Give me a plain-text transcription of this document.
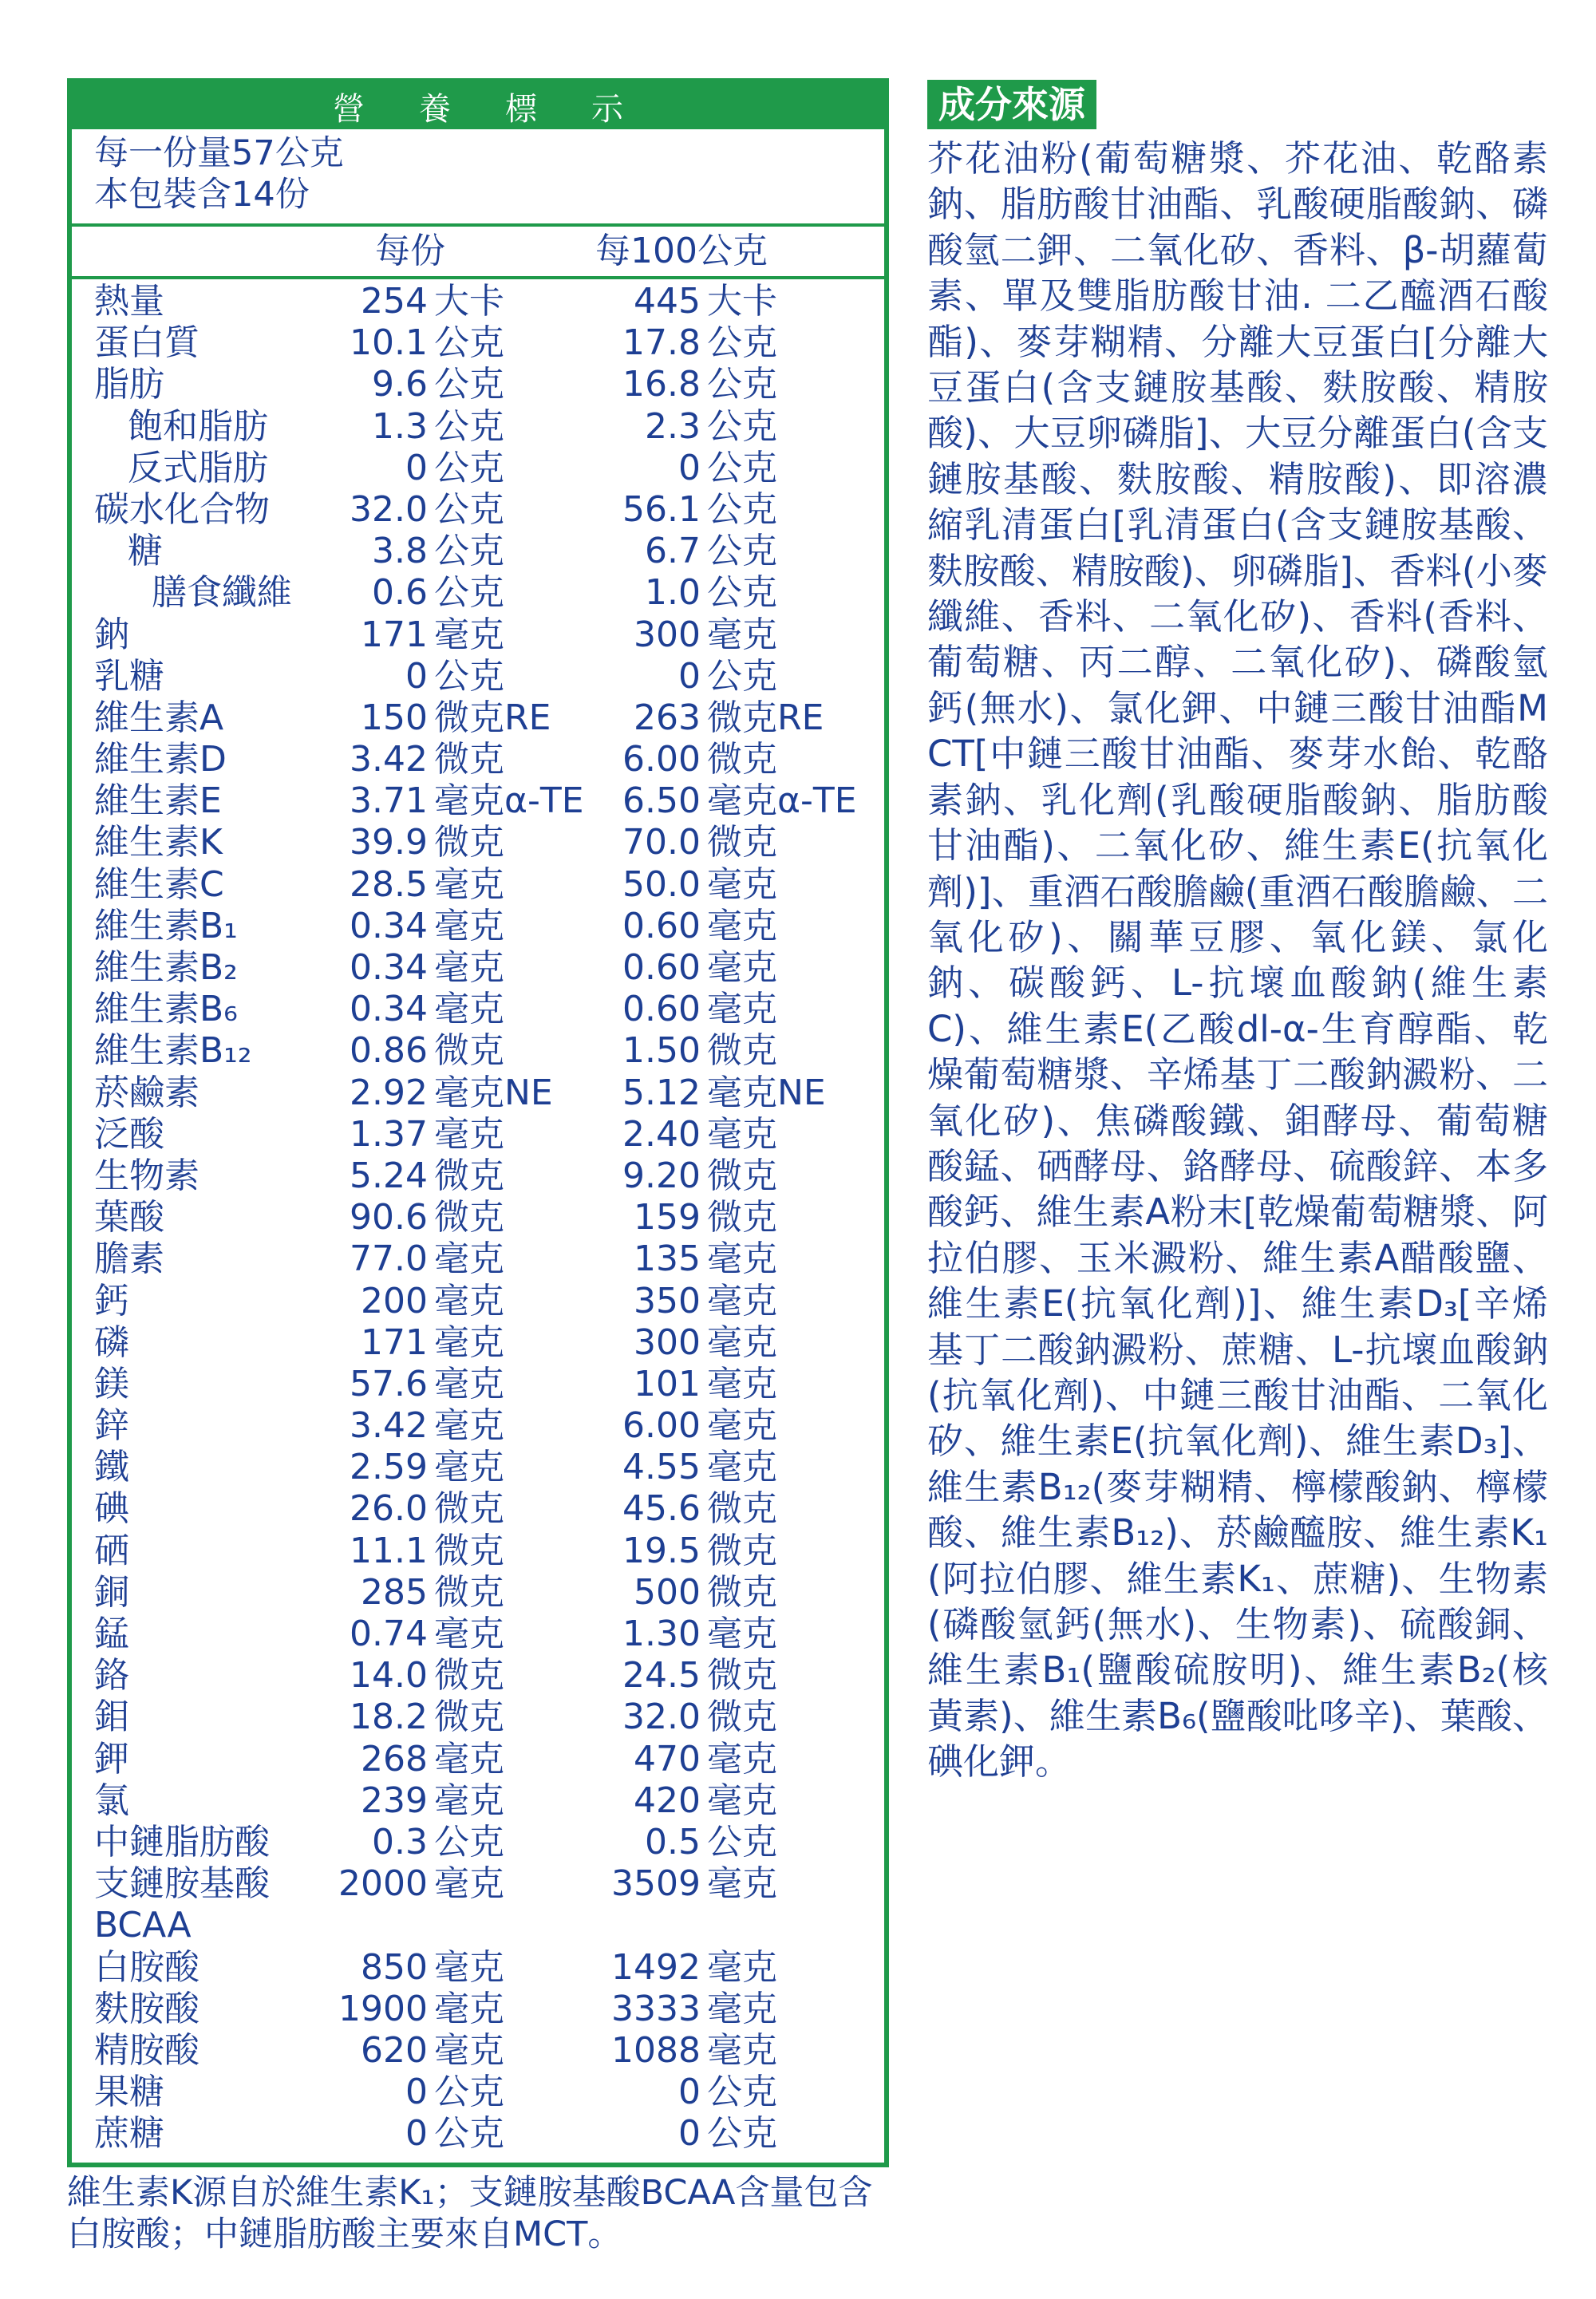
營 養 標 示
每一份量57公克
本包裝含14份
每份	每100公克
熱量	254 大卡	445 大卡
蛋白質	10.1 公克	17.8 公克
脂肪	9.6 公克	16.8 公克
飽和脂肪	1.3 公克	2.3 公克
反式脂肪	0 公克	0 公克
碳水化合物 32.0 公克	56.1 公克
糖	3.8 公克	6.7 公克
膳食纖維 0.6 公克	1.0 公克
鈉	171 毫克	300 毫克
乳糖	0 公克	0 公克
維生素A	150 微克RE 263 微克RE
維生素D	3.42 微克	6.00 微克
維生素E	3.71 毫克α-TE 6.50 毫克α-TE
維生素K	39.9 微克	70.0 微克
維生素C	28.5 毫克	50.0 毫克
維生素B₁	0.34 毫克	0.60 毫克
維生素B₂	0.34 毫克	0.60 毫克
維生素B₆	0.34 毫克	0.60 毫克
維生素B₁₂	0.86 微克	1.50 微克
菸鹼素	2.92 毫克NE 5.12 毫克NE
泛酸	1.37 毫克	2.40 毫克
生物素	5.24 微克	9.20 微克
葉酸	90.6 微克	159 微克
膽素	77.0 毫克	135 毫克
鈣	200 毫克	350 毫克
磷	171 毫克	300 毫克
鎂	57.6 毫克	101 毫克
鋅	3.42 毫克	6.00 毫克
鐵	2.59 毫克	4.55 毫克
碘	26.0 微克	45.6 微克
硒	11.1 微克	19.5 微克
銅	285 微克	500 微克
錳	0.74 毫克	1.30 毫克
鉻	14.0 微克	24.5 微克
鉬	18.2 微克	32.0 微克
鉀	268 毫克	470 毫克
氯	239 毫克	420 毫克
中鏈脂肪酸	0.3 公克	0.5 公克
支鏈胺基酸 2000 毫克	3509 毫克
BCAA
白胺酸	850 毫克	1492 毫克
麩胺酸	1900 毫克	3333 毫克
精胺酸	620 毫克	1088 毫克
果糖	0 公克	0 公克
蔗糖	0 公克	0 公克
維生素K源自於維生素K₁；支鏈胺基酸BCAA含量包含白胺酸；中鏈脂肪酸主要來自MCT。
成分來源
芥花油粉(葡萄糖漿、芥花油、乾酪素鈉、脂肪酸甘油酯、乳酸硬脂酸鈉、磷酸氫二鉀、二氧化矽、香料、β-胡蘿蔔素、單及雙脂肪酸甘油. 二乙醯酒石酸酯)、麥芽糊精、分離大豆蛋白[分離大豆蛋白(含支鏈胺基酸、麩胺酸、精胺酸)、大豆卵磷脂]、大豆分離蛋白(含支鏈胺基酸、麩胺酸、精胺酸)、即溶濃縮乳清蛋白[乳清蛋白(含支鏈胺基酸、麩胺酸、精胺酸)、卵磷脂]、香料(小麥纖維、香料、二氧化矽)、香料(香料、葡萄糖、丙二醇、二氧化矽)、磷酸氫鈣(無水)、氯化鉀、中鏈三酸甘油酯MCT[中鏈三酸甘油酯、麥芽水飴、乾酪素鈉、乳化劑(乳酸硬脂酸鈉、脂肪酸甘油酯)、二氧化矽、維生素E(抗氧化劑)]、重酒石酸膽鹼(重酒石酸膽鹼、二氧化矽)、關華豆膠、氧化鎂、氯化鈉、碳酸鈣、L-抗壞血酸鈉(維生素C)、維生素E(乙酸dl-α-生育醇酯、乾燥葡萄糖漿、辛烯基丁二酸鈉澱粉、二氧化矽)、焦磷酸鐵、鉬酵母、葡萄糖酸錳、硒酵母、鉻酵母、硫酸鋅、本多酸鈣、維生素A粉末[乾燥葡萄糖漿、阿拉伯膠、玉米澱粉、維生素A醋酸鹽、維生素E(抗氧化劑)]、維生素D₃[辛烯基丁二酸鈉澱粉、蔗糖、L-抗壞血酸鈉(抗氧化劑)、中鏈三酸甘油酯、二氧化矽、維生素E(抗氧化劑)、維生素D₃]、維生素B₁₂(麥芽糊精、檸檬酸鈉、檸檬酸、維生素B₁₂)、菸鹼醯胺、維生素K₁(阿拉伯膠、維生素K₁、蔗糖)、生物素(磷酸氫鈣(無水)、生物素)、硫酸銅、維生素B₁(鹽酸硫胺明)、維生素B₂(核黃素)、維生素B₆(鹽酸吡哆辛)、葉酸、碘化鉀。
